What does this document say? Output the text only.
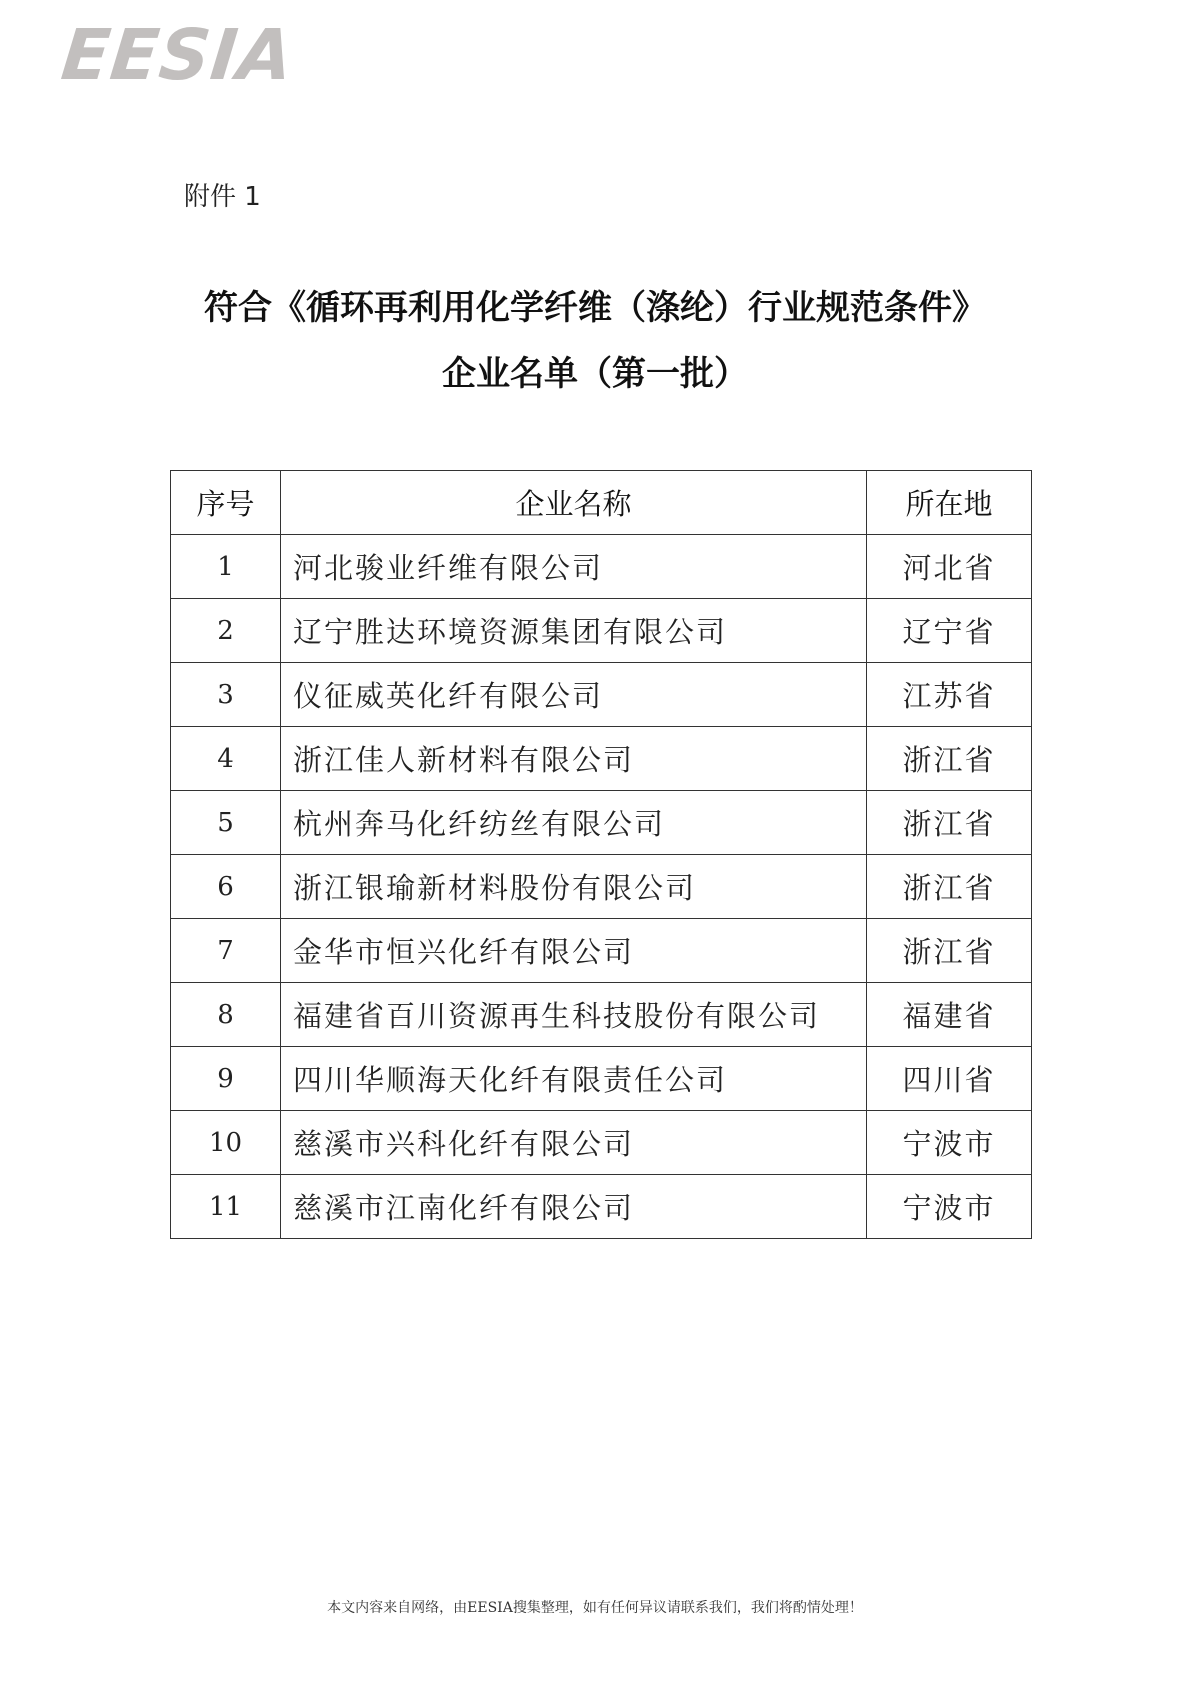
EESIA
附件 1
符合《循环再利用化学纤维（涤纶）行业规范条件》
企业名单（第一批）
序号	企业名称	所在地
1	河北骏业纤维有限公司	河北省
2	辽宁胜达环境资源集团有限公司	辽宁省
3	仪征威英化纤有限公司	江苏省
4	浙江佳人新材料有限公司	浙江省
5	杭州奔马化纤纺丝有限公司	浙江省
6	浙江银瑜新材料股份有限公司	浙江省
7	金华市恒兴化纤有限公司	浙江省
8	福建省百川资源再生科技股份有限公司	福建省
9	四川华顺海天化纤有限责任公司	四川省
10	慈溪市兴科化纤有限公司	宁波市
11	慈溪市江南化纤有限公司	宁波市
本文内容来自网络，由EESIA搜集整理，如有任何异议请联系我们，我们将酌情处理！
